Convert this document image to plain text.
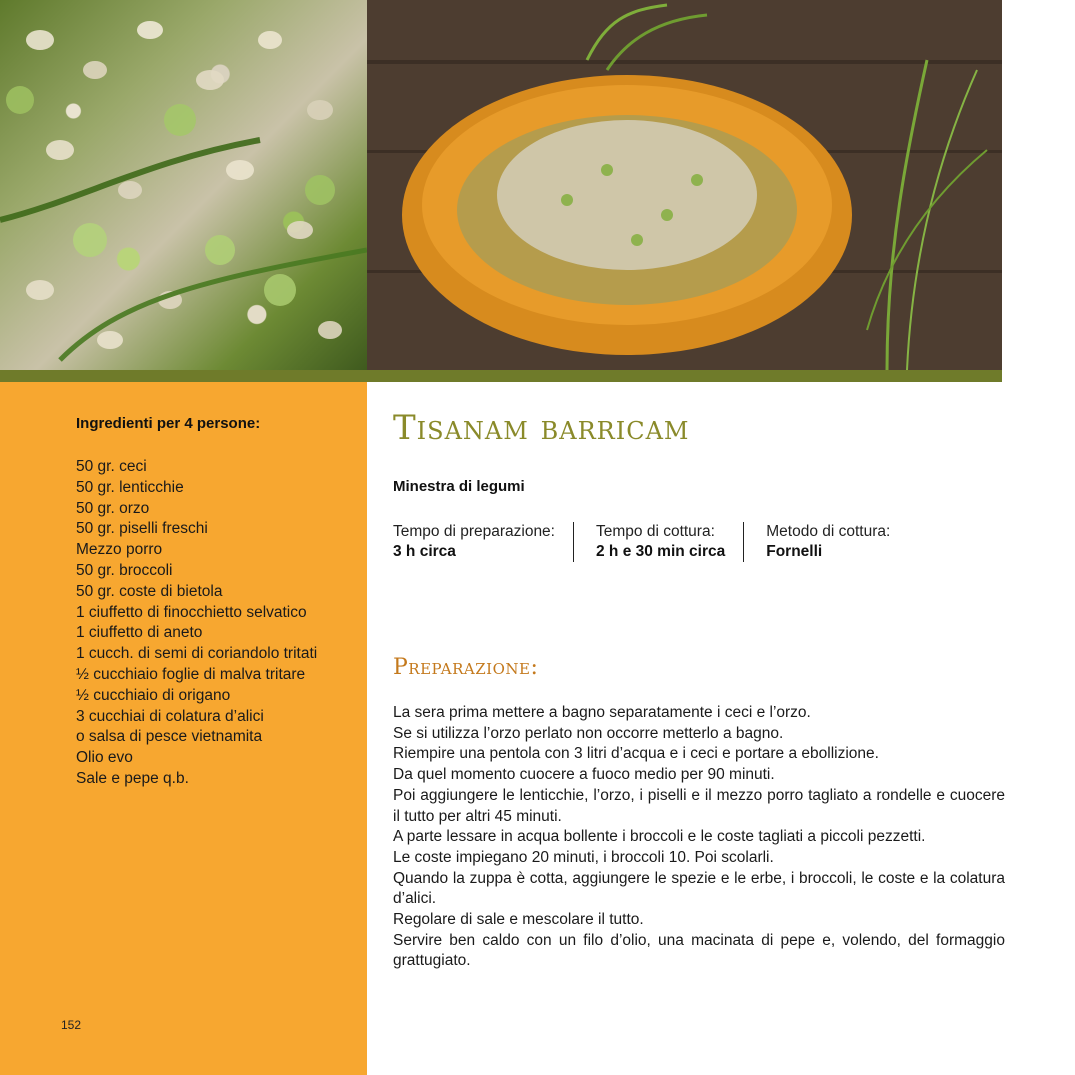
Ingredienti per 4 persone:
50 gr. ceci
50 gr. lenticchie
50 gr. orzo
50 gr. piselli freschi
Mezzo porro
50 gr. broccoli
50 gr. coste di bietola
1 ciuffetto di finocchietto selvatico
1 ciuffetto di aneto
1 cucch. di semi di coriandolo tritati
½ cucchiaio foglie di malva tritare
½ cucchiaio di origano
3 cucchiai di colatura d’alici
o salsa di pesce vietnamita
Olio evo
Sale e pepe q.b.
152
Tisanam barricam
Minestra di legumi
Tempo di preparazione:
3 h circa
Tempo di cottura:
2 h e 30 min circa
Metodo di cottura:
Fornelli
Preparazione:

La sera prima mettere a bagno separatamente i ceci e l’orzo.

Se si utilizza l’orzo perlato non occorre metterlo a bagno.

Riempire una pentola con 3 litri d’acqua e i ceci e portare a ebollizione.

Da quel momento cuocere a fuoco medio per 90 minuti.

Poi aggiungere le lenticchie, l’orzo, i piselli e il mezzo porro tagliato a rondelle e cuocere il tutto per altri 45 minuti.

A parte lessare in acqua bollente i broccoli e le coste tagliati a piccoli pezzetti.

Le coste impiegano 20 minuti, i broccoli 10. Poi scolarli.

Quando la zuppa è cotta, aggiungere le spezie e le erbe, i broccoli, le coste e la colatura d’alici.

Regolare di sale e mescolare il tutto.

Servire ben caldo con un filo d’olio, una macinata di pepe e, volendo, del formaggio grattugiato.
